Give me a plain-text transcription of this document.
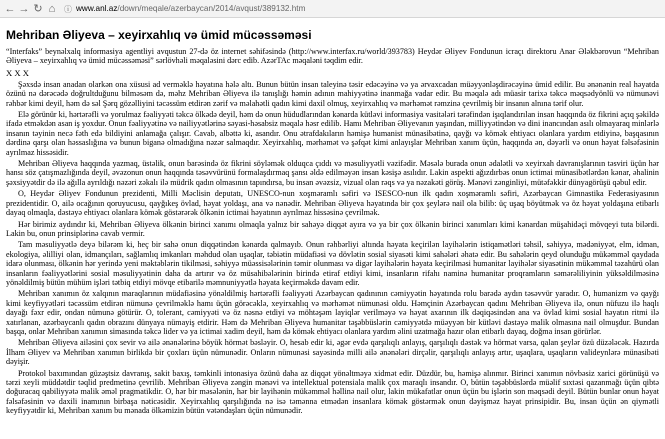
← → ↻ ⌂	ⓘ www.anl.az /down/meqale/azerbaycan/2014/avqust/389132.htm
Mehriban Əliyeva – xeyirxahlıq və ümid mücəssəməsi

“Interfaks” beynəlxalq informasiya agentliyi avqustun 27-də öz internet səhifəsində (http://www.interfax.ru/world/393783) Heydər Əliyev Fondunun icraçı direktoru Anar Ələkbərovun “Mehriban Əliyeva – xeyirxahlıq və ümid mücəssəməsi” sərlövhəli məqaləsini dərc edib. AzərTAc məqaləni təqdim edir.

X X X

Şəxsdə insan anadan olarkən ona xüsusi ad verməklə həyatına hələ altı. Bunun bütün insan taleyinə təsir edəcəyinə və ya ərvaxcadan müəyyənləşdirəcəyinə ümid edilir. Bu ənənənin real həyatda özünü nə dərəcədə doğrultduğunu bilməsəm də, məhz Mehriban Əliyeva ilə tanışlığı həmin adının mahiyyətinə inanmağa vadar edir. Bu məqalə adı müasir tarixə təkcə məqsədyönlü və nümunəvi rəhbər kimi deyil, həm də səl Şərq gözəlliyini təcəssüm etdirən zərif və məlahətli qadın kimi daxil olmuş, xeyirxahlıq və mərhəmət rəmzinə çevrilmiş bir insanın alnına tərif olur.

Elə görünür ki, hərtərəfli və yorulmaz fəaliyyəti təkcə ölkədə deyil, həm də onun hüdudlarından kənarda kütləvi informasiya vasitələri tərəfindən işıqlandırılan insan haqqında öz fikrini açıq şəkildə ifadə etməkdən asan iş yoxdur. Onun fəaliyyətinə və nailiyyətlərinə səyasi-həsabsiz məqalə həsr edilib. Hamı Mehriban Əliyevanın yaşından, milliyyətindən və dini inancından asılı olmayaraq minlərlə insanın təyinin necə fəth edə bildiyini anlamağa çalışır. Cavab, albəttə ki, asandır. Onu ətrafdakıların həmişə humanist münasibətinə, qayğı və kömək ehtiyacı olanlara yardım etdiyinə, başqasının dərdinə qarşı olan həssaslığına və bunun biganə olmadığına nəzər salmaqdır. Xeyirxahlıq, mərhəmət və şəfqət kimi anlayışlar Mehriban xanım üçün, haqqında ən, dəyərli və onun həyat fəlsəfəsinin ayrılmaz hissəsidir.

Mehriban Əliyeva haqqında yazmaq, üstəlik, onun barəsində öz fikrini söyləmək olduqca çıddı və məsuliyyətli vəzifədir. Məsələ burada onun ədalətli və xeyirxah davranışlarının təsviri üçün hər hansı söz çatışmazlığında deyil, əvəzonun onun haqqında təsəvvürünü formalaşdırmaq şansı əldə edilməyən insan kəsişə asılıdır. Lakin aspekti ağızdırbəs onun ictimai münasibətlərdən kənar, əhalinin şəxsiyyətdir də ilə ağılla ayrıldığı nəzəri zəkalı ilə müdrik qadın olmasının tapındırsa, bu insan əvəzsiz, vizual olan rəqs və ya nəzakəti görüş. Mənəvi zənginliyi, mütəfəkkir dünyagörüşü qəbul edir.

O, Heydər Əliyev Fondunun prezidenti, Milli Məclisin deputatı, UNESCO-nun xoşməramlı səfiri və ISESCO-nun ilk qadın xoşməramlı səfiri, Azərbaycan Gimnastika Federasiyasının prezidentidir. O, ailə ocağının qoruyucusu, qayğıkeş övlad, həyat yoldaşı, ana və nənədir. Mehriban Əliyeva həyatında bir çox şeylərə nail ola bilib: üç uşaq böyütmək və öz həyat yoldaşına etibarlı dayaq olmaqla, dəstəyə ehtiyacı olanlara kömək göstərərək ölkənin ictimai həyatının ayrılmaz hissəsinə çevrilmək.

Hər birimiz aydındır ki, Mehriban Əliyeva ölkənin birinci xanımı olmaqla yalnız bir sahəyə diqqət ayıra və ya bir çox ölkənin birinci xanımları kimi kənardan müşahidəçi mövqeyi tuta bilərdi. Lakin bu, onun prinsiplərinə cavab vermir.

Tam məsuliyyətlə deyə bilərəm ki, heç bir sahə onun diqqətindən kənarda qalmayıb. Onun rəhbərliyi altında həyata keçirilən layihələrin istiqamətləri təhsil, səhiyyə, mədəniyyət, elm, idman, ekologiya, əlilliyi olan, idmançıları, sağlamlıq imkanları məhdud olan uşaqlar, təbiətin müdafiəsi və dövlətin sosial siyasəti kimi sahələri əhatə edir. Bu sahələrin qeyd olunduğu mükəmməl qaydada idarə olunması, ölkənin hər yerində yeni məktəblərin tikilməsi, səhiyyə müəssisələrinin təmir olunması və digər layihələrin həyata keçirilməsi humanitar layihələr siyasətinin mükəmməl təzahürü olan insanların fəaliyyətlərini sosial məsuliyyətinin daha da artırır və öz müsahibələrinin birində etiraf etdiyi kimi, insanların rifahı naminə humanitar proqramların səmərəliliyinin yüksəldilməsinə yönəldilmiş bütün mühüm işləri tətbiq etdiyi mövqe etibarilə məmnuniyyətlə həyata keçirməkdə davam edir.

Mehriban xanımın öz xalqının maraqlarının müdafiəsinə yönəldilmiş hərtərəfli fəaliyyəti Azərbaycan qadınının cəmiyyətin həyatında rolu barədə aydın təsəvvür yaradır. O, humanizm və qayğı kimi keyfiyyətləri təcəssüm etdirən nümunə çevrilməklə hamı üçün görəcəklə, xeyirxahlıq və mərhəmət nümunəsi oldu. Həmçinin Azərbaycan qadını Mehriban Əliyeva ilə, onun nüfuzu ilə haqlı dayağı fəxr edir, ondan nümunə götürür. O, tolerant, cəmiyyəti və öz nəsnə etdiyi və möhtəşəm layiqlər verilməyə və həyat axarının ilk dəqiqəsindən ana və övlad kimi sosial həyatın ritmi ilə xatırlanan, azərbaycanlı qadın obrazını dünyaya nümayiş etdirir. Həm də Mehriban Əliyeva humanitar təşəbbüslərin cəmiyyətdə müəyyən bir kütləvi dəstəyə malik olmasına nail olmuşdur. Bundan başqa, onlar Mehriban xanımın simasında təkcə lider və ya ictimai xadim deyil, həm də kömək ehtiyacı olanlara yardım əlini uzatmağa hazır olan etibarlı dayaq, doğma insan görürlər.

Mehriban Əliyeva ailəsini çox sevir və ailə ənənələrinə böyük hörmət bəsləyir. O, hesab edir ki, əgər evdə qarşılıqlı anlayış, qarşılıqlı dəstək və hörmət varsa, qalan şeylər özü düzələcək. Hazırda İlham Əliyev və Mehriban xanımın birlikdə bir çoxları üçün nümunədir. Onların nümunəsi sayəsində milli ailə ənənələri dirçəlir, qarşılıqlı anlayış artır, uşaqlara, uşaqların valideynlərə münasibəti dəyişir.

Protokol baxımından güzəştsiz davranış, sakit baxış, təmkinli intonasiya özünü daha az diqqət yönəltməyə xidmət edir. Düzdür, bu, həmişə alınmır. Birinci xanımın növbəsiz xarici görünüşü və tərzi xeyli müddətdir təqlid predmetinə çevrilib. Mehriban Əliyeva zəngin mənəvi və intellektual potensiala malik çox maraqlı insandır. O, bütün təşəbbüslərdə müəlif sıxtəsi qazanmağı üçün qibtə doğuracaq qabiliyyətə malik əməl pragmatikdir. O, hər bir məsələnin, hər bir layihənin mükəmməl həllinə nail olur, lakin mükafatlar onun üçün bu işlərin son məqsədi deyil. Bütün bunlar onun həyat fəlsəfəsinin və daxili inamının birbaşa nəticəsidir. Xeyirxahlıq qarşılığında nə isə təmənna etmədən insanlara kömək göstərmək onun dəyişməz həyat prinsipidir. Bu, insan üçün ən qiymətli keyfiyyətdir ki, Mehriban xanım bu mənada ölkəmizin bütün vətəndaşları üçün nümunədir.
